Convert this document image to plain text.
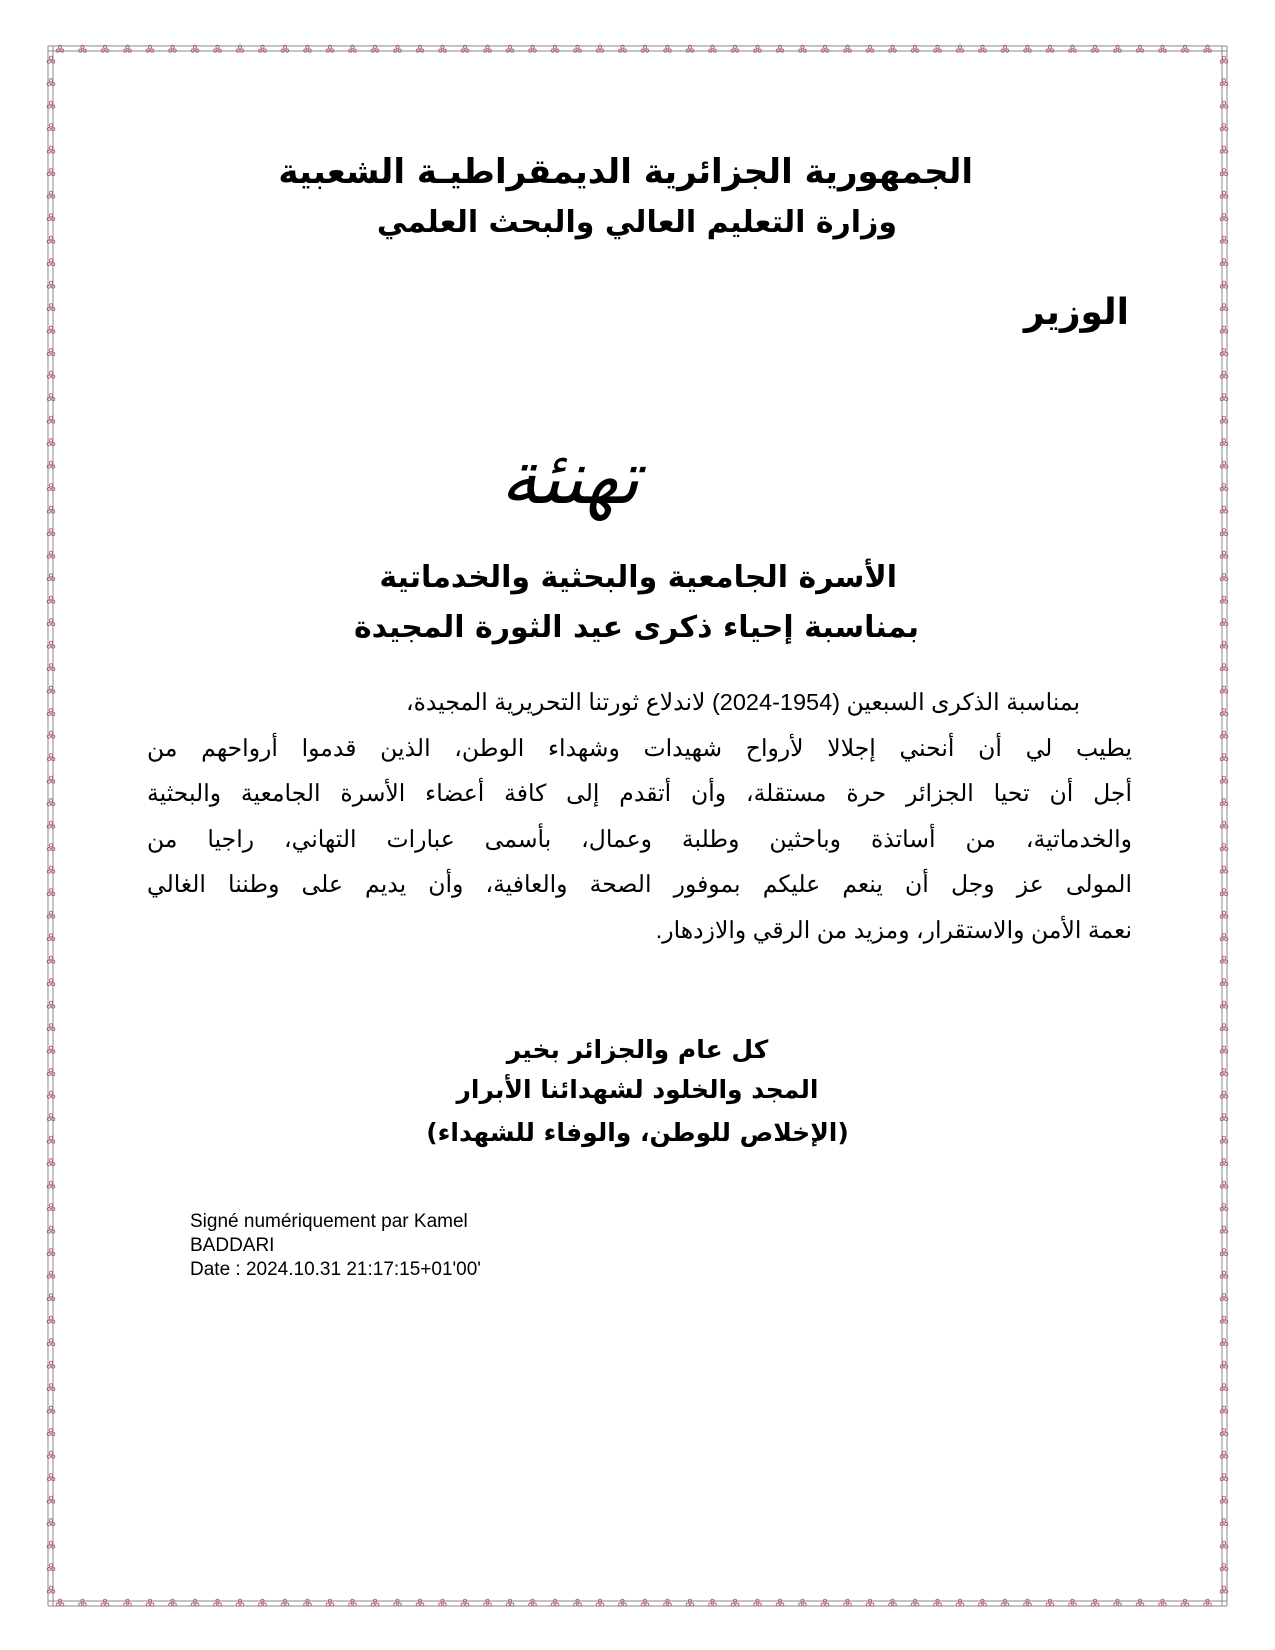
الجمهورية الجزائرية الديمقراطيـة الشعبية
وزارة التعليم العالي والبحث العلمي
الوزير
تهنئة
الأسرة الجامعية والبحثية والخدماتية
بمناسبة إحياء ذكرى عيد الثورة المجيدة
بمناسبة الذكرى السبعين (1954-2024) لاندلاع ثورتنا التحريرية المجيدة،
يطيب لي أن أنحني إجلالا لأرواح شهيدات وشهداء الوطن، الذين قدموا أرواحهم من
أجل أن تحيا الجزائر حرة مستقلة، وأن أتقدم إلى كافة أعضاء الأسرة الجامعية والبحثية
والخدماتية، من أساتذة وباحثين وطلبة وعمال، بأسمى عبارات التهاني، راجيا من
المولى عز وجل أن ينعم عليكم بموفور الصحة والعافية، وأن يديم على وطننا الغالي
نعمة الأمن والاستقرار، ومزيد من الرقي والازدهار.
كل عام والجزائر بخير
المجد والخلود لشهدائنا الأبرار
(الإخلاص للوطن، والوفاء للشهداء)
Signé numériquement par Kamel
BADDARI
Date : 2024.10.31 21:17:15+01'00'
